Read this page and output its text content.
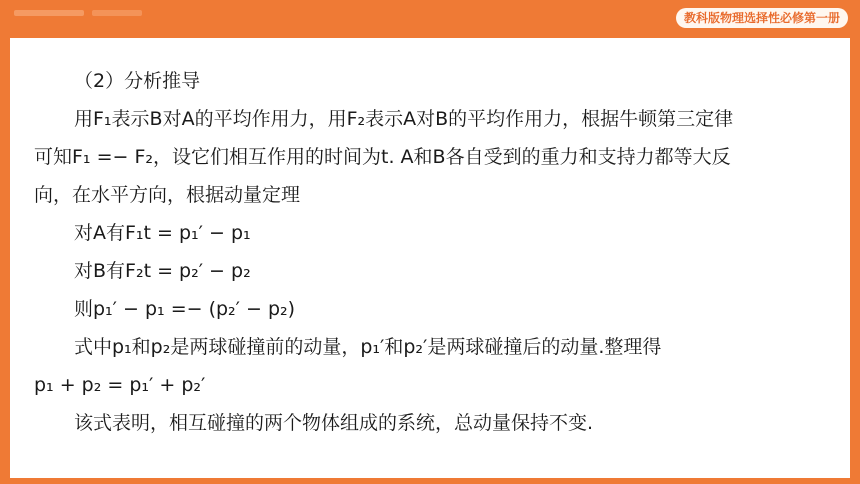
教科版物理选择性必修第一册
（2）分析推导
用F₁表示B对A的平均作用力，用F₂表示A对B的平均作用力，根据牛顿第三定律
可知F₁ =− F₂，设它们相互作用的时间为t. A和B各自受到的重力和支持力都等大反
向，在水平方向，根据动量定理
对A有F₁t = p₁′ − p₁
对B有F₂t = p₂′ − p₂
则p₁′ − p₁ =− (p₂′ − p₂)
式中p₁和p₂是两球碰撞前的动量，p₁′和p₂′是两球碰撞后的动量.整理得
p₁ + p₂ = p₁′ + p₂′
该式表明，相互碰撞的两个物体组成的系统，总动量保持不变.
